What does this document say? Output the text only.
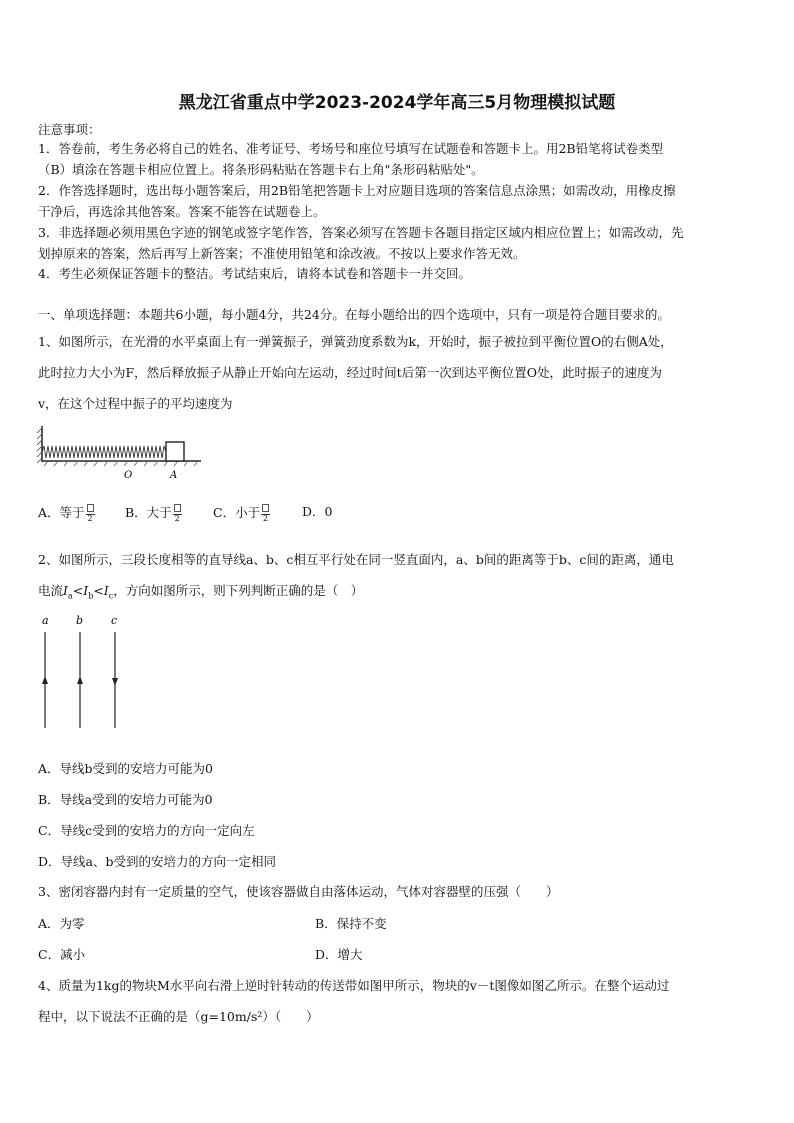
黑龙江省重点中学2023-2024学年高三5月物理模拟试题
注意事项：
1．答卷前，考生务必将自己的姓名、准考证号、考场号和座位号填写在试题卷和答题卡上。用2B铅笔将试卷类型
（B）填涂在答题卡相应位置上。将条形码粘贴在答题卡右上角"条形码粘贴处"。
2．作答选择题时，选出每小题答案后，用2B铅笔把答题卡上对应题目选项的答案信息点涂黑；如需改动，用橡皮擦
干净后，再选涂其他答案。答案不能答在试题卷上。
3．非选择题必须用黑色字迹的钢笔或签字笔作答，答案必须写在答题卡各题目指定区域内相应位置上；如需改动，先
划掉原来的答案，然后再写上新答案；不准使用铅笔和涂改液。不按以上要求作答无效。
4．考生必须保证答题卡的整洁。考试结束后，请将本试卷和答题卡一并交回。
一、单项选择题：本题共6小题，每小题4分，共24分。在每小题给出的四个选项中，只有一项是符合题目要求的。
1、如图所示，在光滑的水平桌面上有一弹簧振子，弹簧劲度系数为k，开始时，振子被拉到平衡位置O的右侧A处，
此时拉力大小为F，然后释放振子从静止开始向左运动，经过时间t后第一次到达平衡位置O处，此时振子的速度为
v，在这个过程中振子的平均速度为
O	A
A．等于 2	B．大于 2	C．小于 2	D．0
2、如图所示，三段长度相等的直导线a、b、c相互平行处在同一竖直面内，a、b间的距离等于b、c间的距离，通电
电流$I_a<I_b<I_c$，方向如图所示，则下列判断正确的是（　）
a b	c
A．导线b受到的安培力可能为0
B．导线a受到的安培力可能为0
C．导线c受到的安培力的方向一定向左
D．导线a、b受到的安培力的方向一定相同
3、密闭容器内封有一定质量的空气，使该容器做自由落体运动，气体对容器壁的压强（　　）
A．为零	B．保持不变
C．减小	D．增大
4、质量为1kg的物块M水平向右滑上逆时针转动的传送带如图甲所示，物块的v－t图像如图乙所示。在整个运动过
程中，以下说法不正确的是（g=10m/s²）（　　）
